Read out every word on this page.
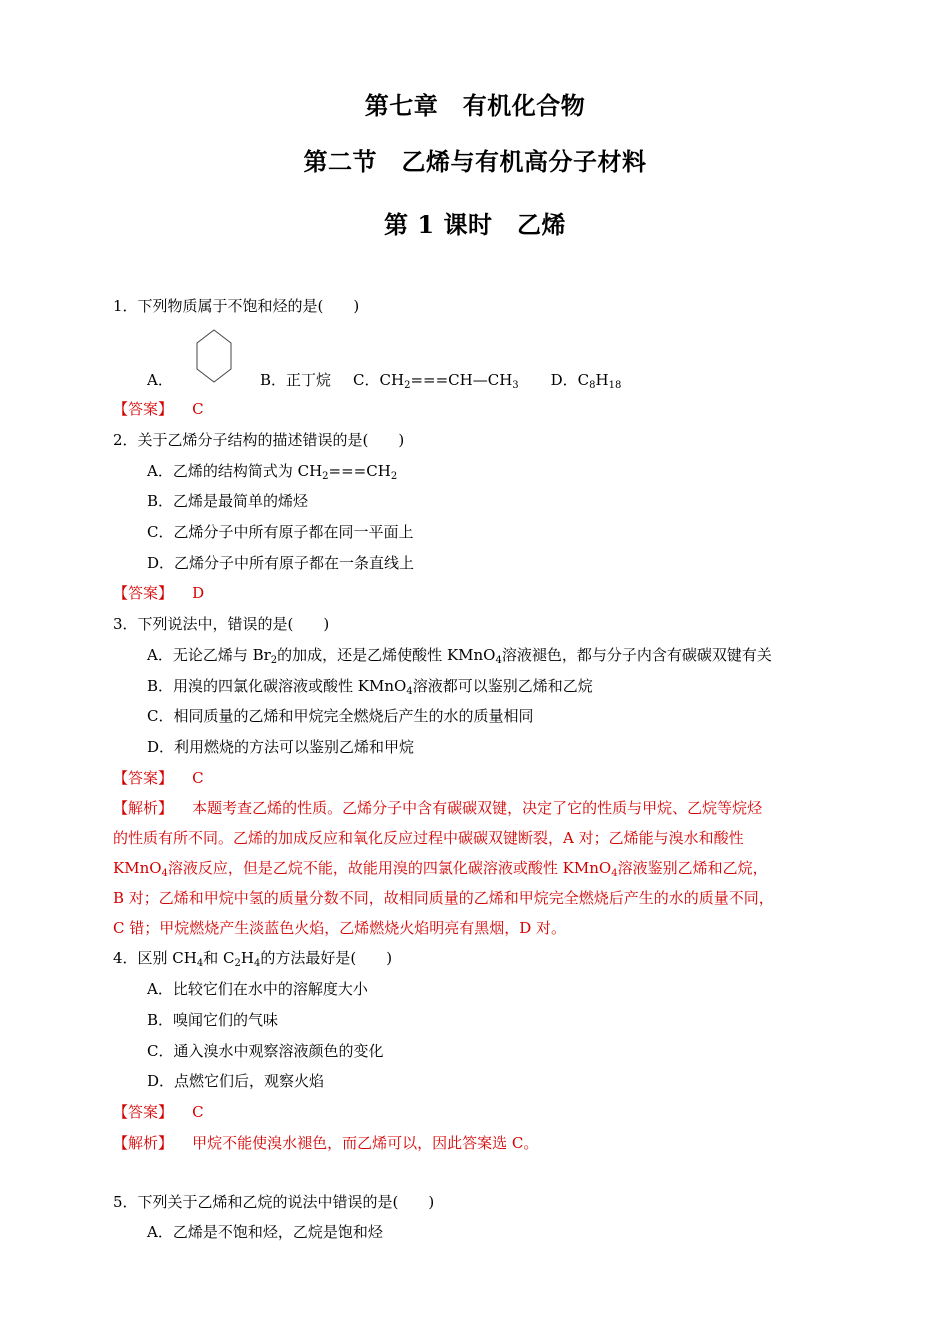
第七章　有机化合物
第二节　乙烯与有机高分子材料
第 1 课时　乙烯
1．下列物质属于不饱和烃的是(　　)
A．	B．正丁烷 C．$CH_2===CH—CH_3$ D．$C_8H_{18}$
【答案】 C
2．关于乙烯分子结构的描述错误的是(　　)
A．乙烯的结构简式为 $CH_2===CH_2$
B．乙烯是最简单的烯烃
C．乙烯分子中所有原子都在同一平面上
D．乙烯分子中所有原子都在一条直线上
【答案】 D
3．下列说法中，错误的是(　　)
A．无论乙烯与 $Br_2$的加成，还是乙烯使酸性 KMnO$_4$溶液褪色，都与分子内含有碳碳双键有关
B．用溴的四氯化碳溶液或酸性 KMnO$_4$溶液都可以鉴别乙烯和乙烷
C．相同质量的乙烯和甲烷完全燃烧后产生的水的质量相同
D．利用燃烧的方法可以鉴别乙烯和甲烷
【答案】 C
【解析】 本题考查乙烯的性质。乙烯分子中含有碳碳双键，决定了它的性质与甲烷、乙烷等烷烃
的性质有所不同。乙烯的加成反应和氧化反应过程中碳碳双键断裂，A 对；乙烯能与溴水和酸性
KMnO$_4$溶液反应，但是乙烷不能，故能用溴的四氯化碳溶液或酸性 KMnO$_4$溶液鉴别乙烯和乙烷，
B 对；乙烯和甲烷中氢的质量分数不同，故相同质量的乙烯和甲烷完全燃烧后产生的水的质量不同，
C 错；甲烷燃烧产生淡蓝色火焰，乙烯燃烧火焰明亮有黑烟，D 对。
4．区别 $CH_4$和 $C_2H_4$的方法最好是(　　)
A．比较它们在水中的溶解度大小
B．嗅闻它们的气味
C．通入溴水中观察溶液颜色的变化
D．点燃它们后，观察火焰
【答案】 C
【解析】 甲烷不能使溴水褪色，而乙烯可以，因此答案选 C。
5．下列关于乙烯和乙烷的说法中错误的是(　　)
A．乙烯是不饱和烃，乙烷是饱和烃
